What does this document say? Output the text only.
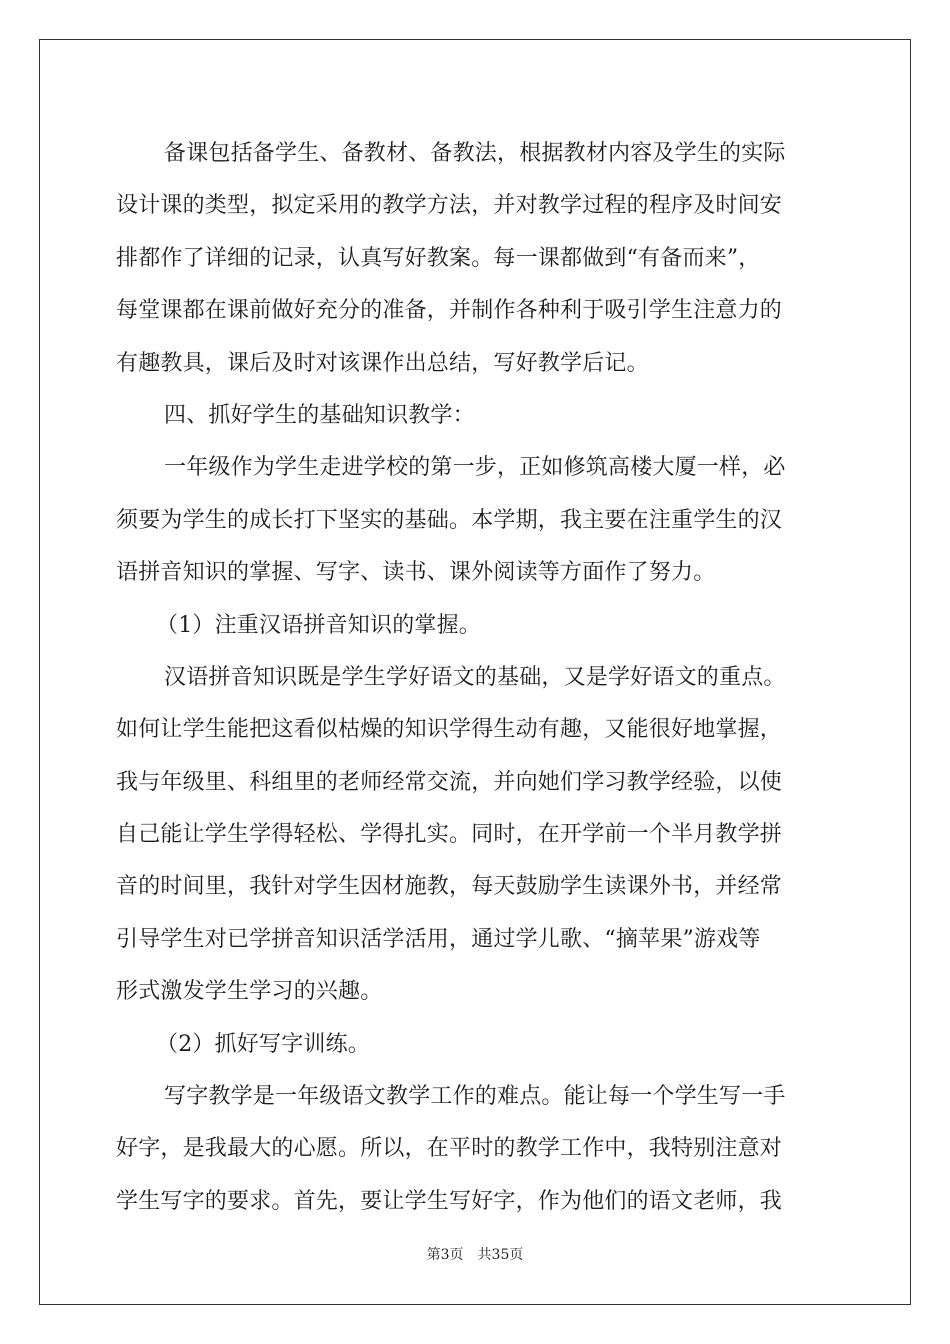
备课包括备学生、备教材、备教法，根据教材内容及学生的实际
设计课的类型，拟定采用的教学方法，并对教学过程的程序及时间安
排都作了详细的记录，认真写好教案。每一课都做到“有备而来”，
每堂课都在课前做好充分的准备，并制作各种利于吸引学生注意力的
有趣教具，课后及时对该课作出总结，写好教学后记。
四、抓好学生的基础知识教学：
一年级作为学生走进学校的第一步，正如修筑高楼大厦一样，必
须要为学生的成长打下坚实的基础。本学期，我主要在注重学生的汉
语拼音知识的掌握、写字、读书、课外阅读等方面作了努力。
（1）注重汉语拼音知识的掌握。
汉语拼音知识既是学生学好语文的基础，又是学好语文的重点。
如何让学生能把这看似枯燥的知识学得生动有趣，又能很好地掌握，
我与年级里、科组里的老师经常交流，并向她们学习教学经验，以使
自己能让学生学得轻松、学得扎实。同时，在开学前一个半月教学拼
音的时间里，我针对学生因材施教，每天鼓励学生读课外书，并经常
引导学生对已学拼音知识活学活用，通过学儿歌、“摘苹果”游戏等
形式激发学生学习的兴趣。
（2）抓好写字训练。
写字教学是一年级语文教学工作的难点。能让每一个学生写一手
好字，是我最大的心愿。所以，在平时的教学工作中，我特别注意对
学生写字的要求。首先，要让学生写好字，作为他们的语文老师，我
第3页　共35页
